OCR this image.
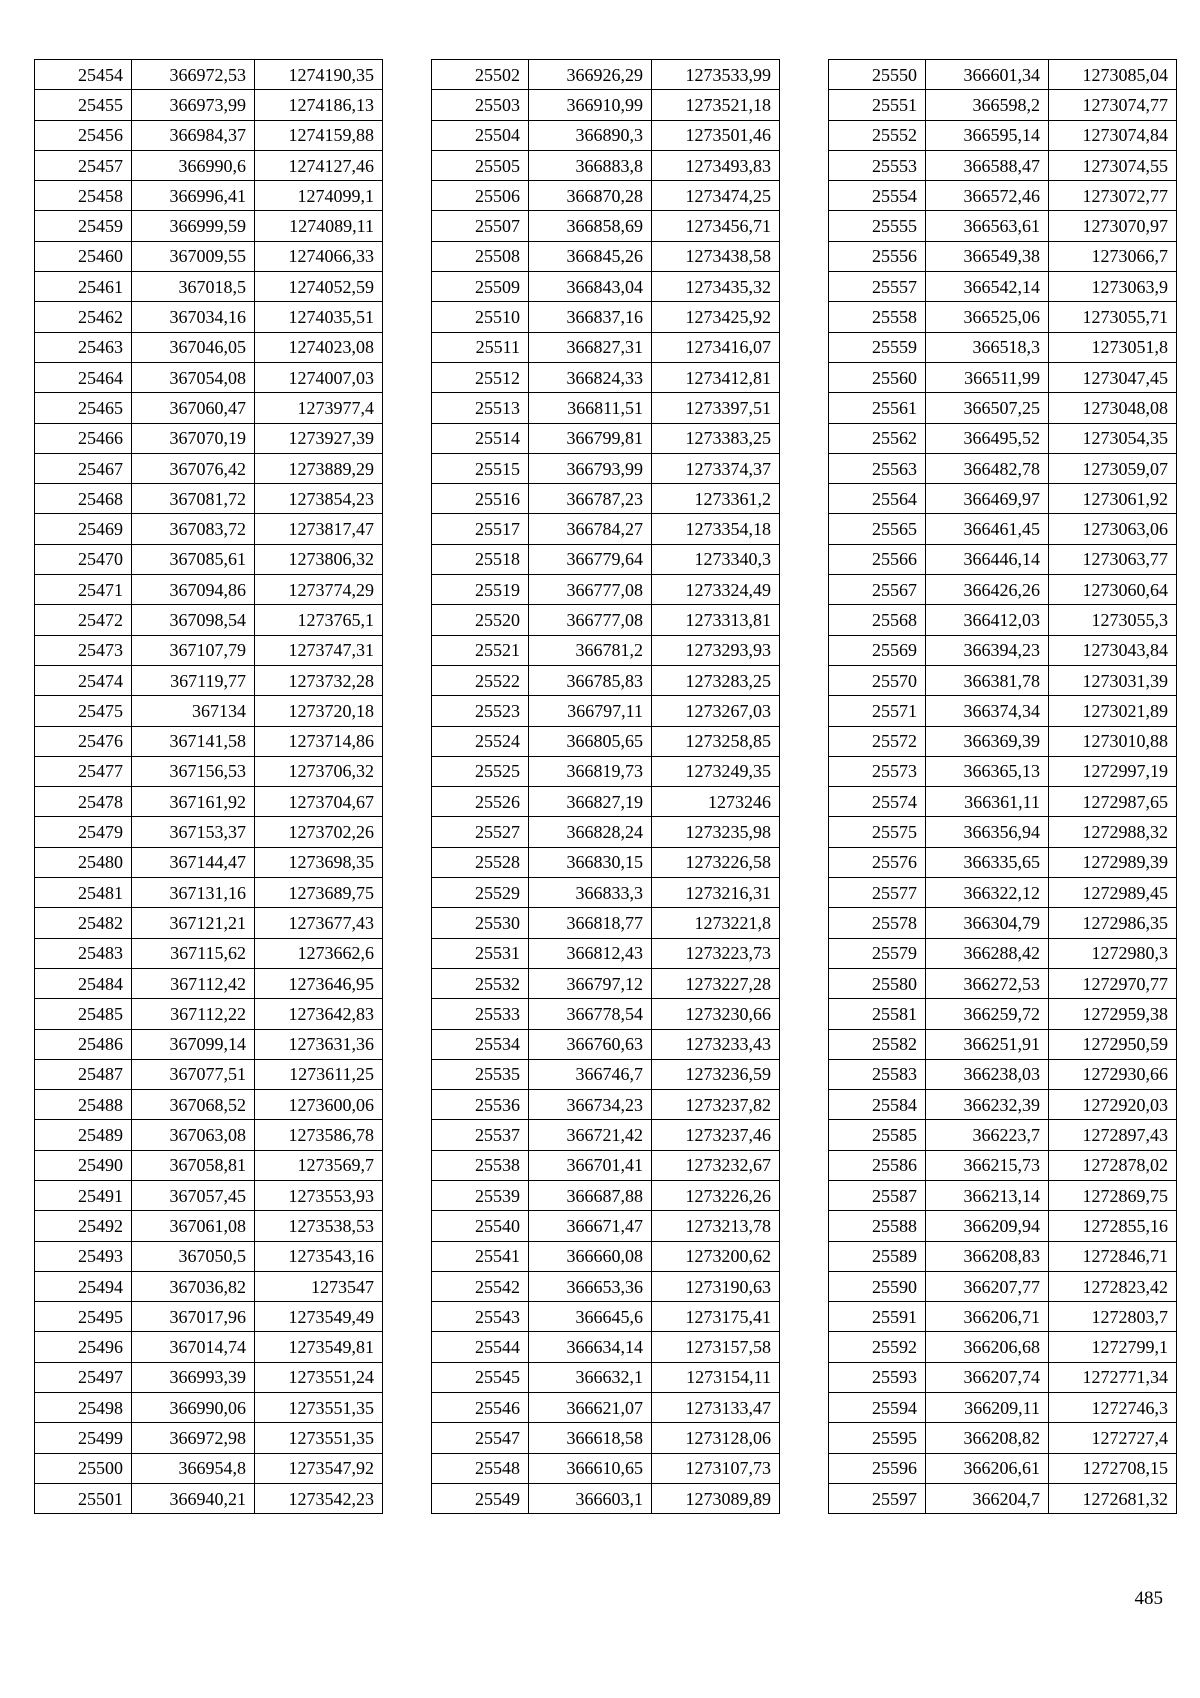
25454	366972,53	1274190,35
25455	366973,99	1274186,13
25456	366984,37	1274159,88
25457	366990,6	1274127,46
25458	366996,41	1274099,1
25459	366999,59	1274089,11
25460	367009,55	1274066,33
25461	367018,5	1274052,59
25462	367034,16	1274035,51
25463	367046,05	1274023,08
25464	367054,08	1274007,03
25465	367060,47	1273977,4
25466	367070,19	1273927,39
25467	367076,42	1273889,29
25468	367081,72	1273854,23
25469	367083,72	1273817,47
25470	367085,61	1273806,32
25471	367094,86	1273774,29
25472	367098,54	1273765,1
25473	367107,79	1273747,31
25474	367119,77	1273732,28
25475	367134	1273720,18
25476	367141,58	1273714,86
25477	367156,53	1273706,32
25478	367161,92	1273704,67
25479	367153,37	1273702,26
25480	367144,47	1273698,35
25481	367131,16	1273689,75
25482	367121,21	1273677,43
25483	367115,62	1273662,6
25484	367112,42	1273646,95
25485	367112,22	1273642,83
25486	367099,14	1273631,36
25487	367077,51	1273611,25
25488	367068,52	1273600,06
25489	367063,08	1273586,78
25490	367058,81	1273569,7
25491	367057,45	1273553,93
25492	367061,08	1273538,53
25493	367050,5	1273543,16
25494	367036,82	1273547
25495	367017,96	1273549,49
25496	367014,74	1273549,81
25497	366993,39	1273551,24
25498	366990,06	1273551,35
25499	366972,98	1273551,35
25500	366954,8	1273547,92
25501	366940,21	1273542,23
25502	366926,29	1273533,99
25503	366910,99	1273521,18
25504	366890,3	1273501,46
25505	366883,8	1273493,83
25506	366870,28	1273474,25
25507	366858,69	1273456,71
25508	366845,26	1273438,58
25509	366843,04	1273435,32
25510	366837,16	1273425,92
25511	366827,31	1273416,07
25512	366824,33	1273412,81
25513	366811,51	1273397,51
25514	366799,81	1273383,25
25515	366793,99	1273374,37
25516	366787,23	1273361,2
25517	366784,27	1273354,18
25518	366779,64	1273340,3
25519	366777,08	1273324,49
25520	366777,08	1273313,81
25521	366781,2	1273293,93
25522	366785,83	1273283,25
25523	366797,11	1273267,03
25524	366805,65	1273258,85
25525	366819,73	1273249,35
25526	366827,19	1273246
25527	366828,24	1273235,98
25528	366830,15	1273226,58
25529	366833,3	1273216,31
25530	366818,77	1273221,8
25531	366812,43	1273223,73
25532	366797,12	1273227,28
25533	366778,54	1273230,66
25534	366760,63	1273233,43
25535	366746,7	1273236,59
25536	366734,23	1273237,82
25537	366721,42	1273237,46
25538	366701,41	1273232,67
25539	366687,88	1273226,26
25540	366671,47	1273213,78
25541	366660,08	1273200,62
25542	366653,36	1273190,63
25543	366645,6	1273175,41
25544	366634,14	1273157,58
25545	366632,1	1273154,11
25546	366621,07	1273133,47
25547	366618,58	1273128,06
25548	366610,65	1273107,73
25549	366603,1	1273089,89
25550	366601,34	1273085,04
25551	366598,2	1273074,77
25552	366595,14	1273074,84
25553	366588,47	1273074,55
25554	366572,46	1273072,77
25555	366563,61	1273070,97
25556	366549,38	1273066,7
25557	366542,14	1273063,9
25558	366525,06	1273055,71
25559	366518,3	1273051,8
25560	366511,99	1273047,45
25561	366507,25	1273048,08
25562	366495,52	1273054,35
25563	366482,78	1273059,07
25564	366469,97	1273061,92
25565	366461,45	1273063,06
25566	366446,14	1273063,77
25567	366426,26	1273060,64
25568	366412,03	1273055,3
25569	366394,23	1273043,84
25570	366381,78	1273031,39
25571	366374,34	1273021,89
25572	366369,39	1273010,88
25573	366365,13	1272997,19
25574	366361,11	1272987,65
25575	366356,94	1272988,32
25576	366335,65	1272989,39
25577	366322,12	1272989,45
25578	366304,79	1272986,35
25579	366288,42	1272980,3
25580	366272,53	1272970,77
25581	366259,72	1272959,38
25582	366251,91	1272950,59
25583	366238,03	1272930,66
25584	366232,39	1272920,03
25585	366223,7	1272897,43
25586	366215,73	1272878,02
25587	366213,14	1272869,75
25588	366209,94	1272855,16
25589	366208,83	1272846,71
25590	366207,77	1272823,42
25591	366206,71	1272803,7
25592	366206,68	1272799,1
25593	366207,74	1272771,34
25594	366209,11	1272746,3
25595	366208,82	1272727,4
25596	366206,61	1272708,15
25597	366204,7	1272681,32
485
